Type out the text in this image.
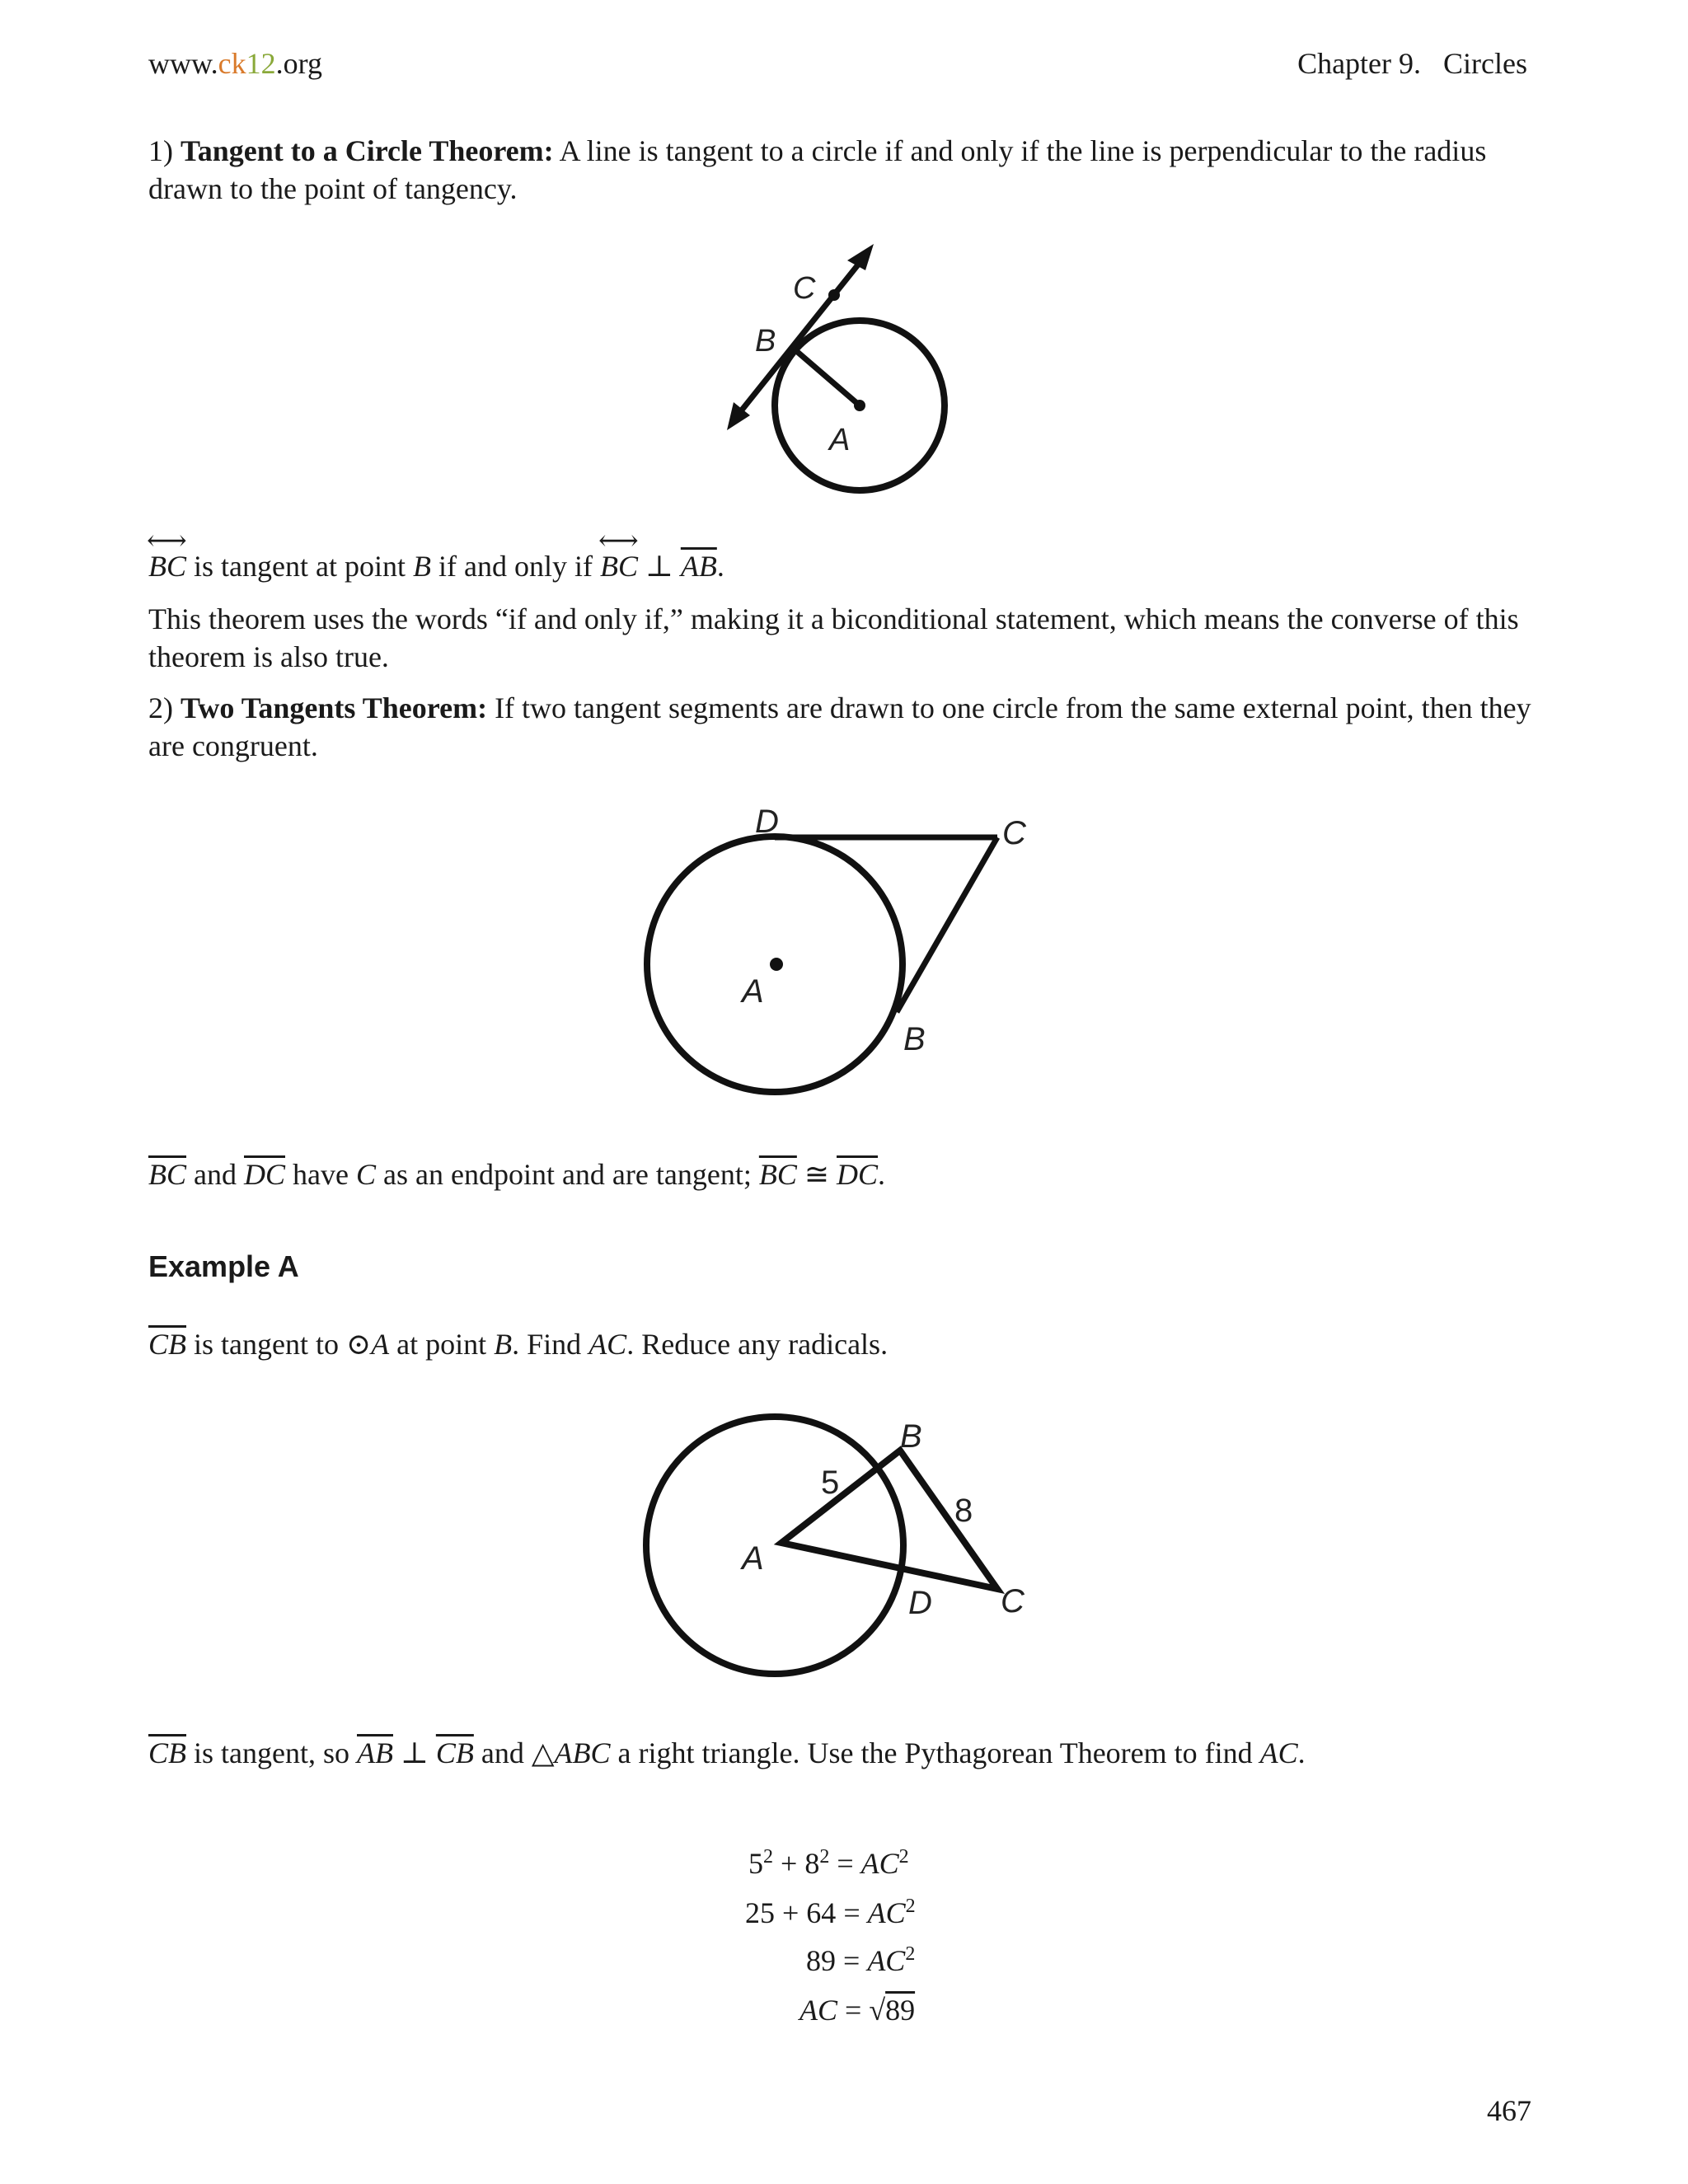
www.ck12.org	Chapter 9.   Circles
1) Tangent to a Circle Theorem: A line is tangent to a circle if and only if the line is perpendicular to the radius drawn to the point of tangency.
C
B
A
⟷ BC is tangent at point B if and only if ⟷ BC ⊥ $\overline{AB}$.
This theorem uses the words “if and only if,” making it a biconditional statement, which means the converse of this theorem is also true.
2) Two Tangents Theorem: If two tangent segments are drawn to one circle from the same external point, then they are congruent.
D	C
A
B
$\overline{BC}$ and $\overline{DC}$ have C as an endpoint and are tangent; $\overline{BC}$ ≅ $\overline{DC}$.
Example A
$\overline{CB}$ is tangent to ⊙A at point B. Find AC. Reduce any radicals.
B
5
8
A
D C
$\overline{CB}$ is tangent, so $\overline{AB}$ ⊥ $\overline{CB}$ and △ABC a right triangle. Use the Pythagorean Theorem to find AC.
$5^2 + 8^2 = AC^2$
$25 + 64 = AC^2$
$89 = AC^2$
AC = √89
467
